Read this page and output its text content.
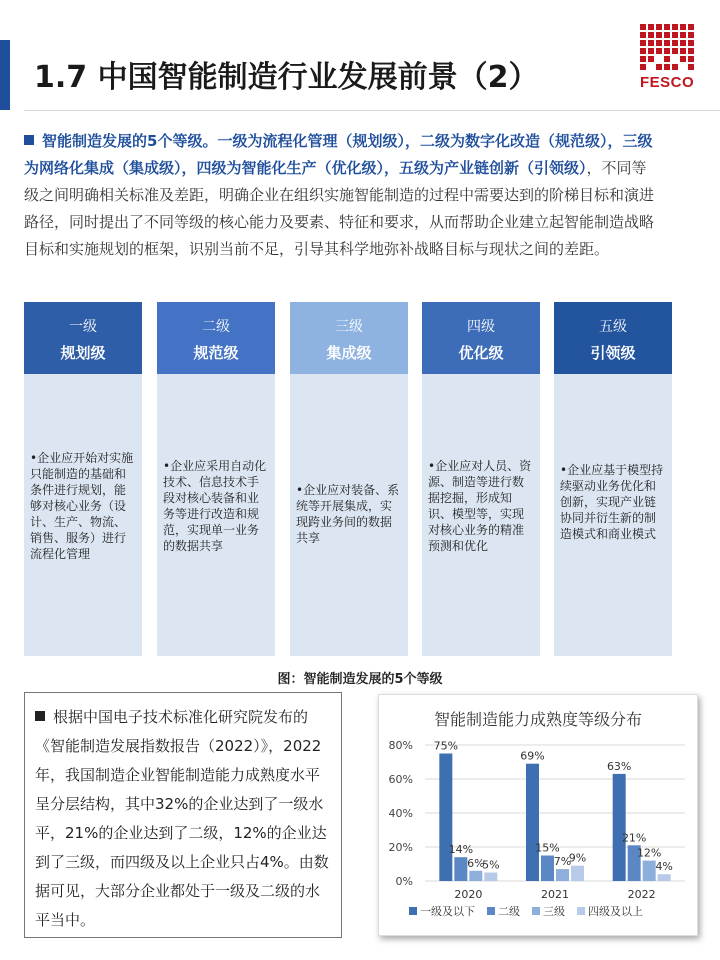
1.7 中国智能制造行业发展前景（2）	FESCO
智能制造发展的5个等级。一级为流程化管理（规划级），二级为数字化改造（规范级），三级为网络化集成（集成级），四级为智能化生产（优化级），五级为产业链创新（引领级），不同等级之间明确相关标准及差距，明确企业在组织实施智能制造的过程中需要达到的阶梯目标和演进路径，同时提出了不同等级的核心能力及要素、特征和要求，从而帮助企业建立起智能制造战略目标和实施规划的框架，识别当前不足，引导其科学地弥补战略目标与现状之间的差距。
一级
规划级
•企业应开始对实施只能制造的基础和条件进行规划，能够对核心业务（设计、生产、物流、销售、服务）进行流程化管理
二级
规范级
•企业应采用自动化技术、信息技术手段对核心装备和业务等进行改造和规范，实现单一业务的数据共享
三级
集成级
•企业应对装备、系统等开展集成，实现跨业务间的数据共享
四级
优化级
•企业应对人员、资源、制造等进行数据挖掘，形成知识、模型等，实现对核心业务的精准预测和优化
五级
引领级
•企业应基于模型持续驱动业务优化和创新，实现产业链协同并衍生新的制造模式和商业模式
图：智能制造发展的5个等级
根据中国电子技术标准化研究院发布的《智能制造发展指数报告（2022）》，2022年，我国制造企业智能制造能力成熟度水平呈分层结构，其中32%的企业达到了一级水平，21%的企业达到了二级，12%的企业达到了三级，而四级及以上企业只占4%。由数据可见，大部分企业都处于一级及二级的水平当中。
智能制造能力成熟度等级分布
80%
60%
40%
20%
0%
75%
14%
6%
5%
2020
69%
15%
7%
9%
2021
63%
21%
12%
4%
2022
一级及以下 二级 三级 四级及以上
